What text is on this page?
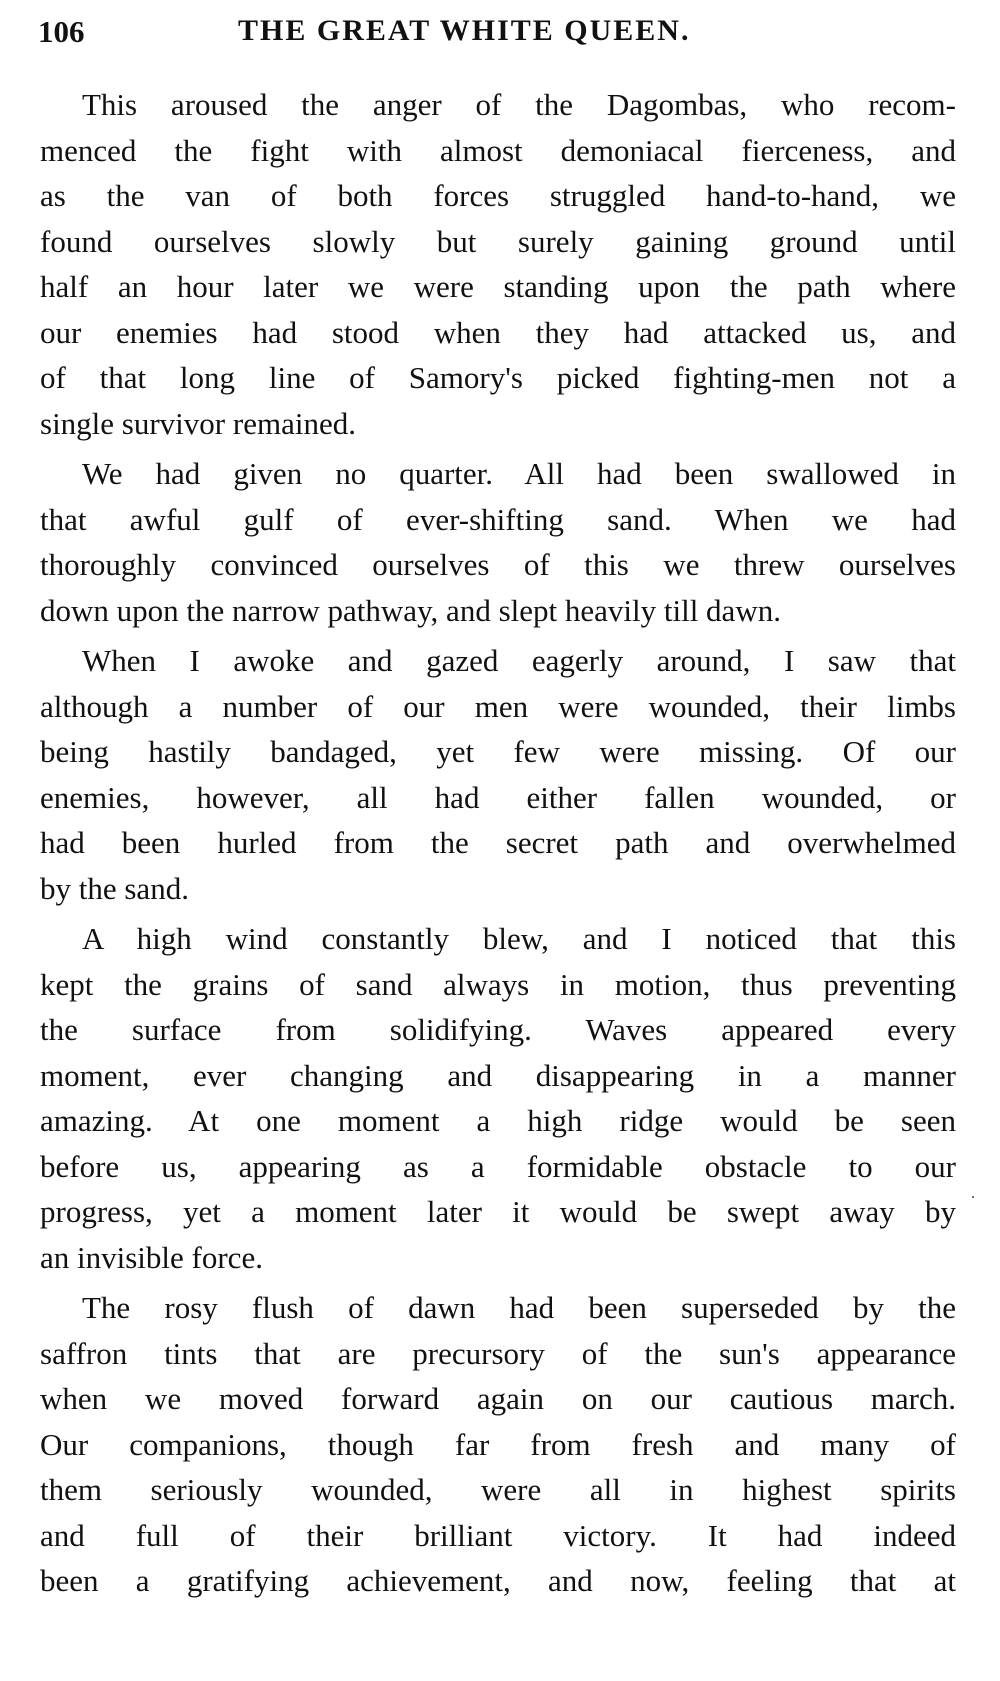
106	THE GREAT WHITE QUEEN.
This aroused the anger of the Dagombas, who recom-
menced the fight with almost demoniacal fierceness, and
as the van of both forces struggled hand-to-hand, we
found ourselves slowly but surely gaining ground until
half an hour later we were standing upon the path where
our enemies had stood when they had attacked us, and
of that long line of Samory's picked fighting-men not a
single survivor remained.
We had given no quarter. All had been swallowed in
that awful gulf of ever-shifting sand. When we had
thoroughly convinced ourselves of this we threw ourselves
down upon the narrow pathway, and slept heavily till dawn.
When I awoke and gazed eagerly around, I saw that
although a number of our men were wounded, their limbs
being hastily bandaged, yet few were missing. Of our
enemies, however, all had either fallen wounded, or
had been hurled from the secret path and overwhelmed
by the sand.
A high wind constantly blew, and I noticed that this
kept the grains of sand always in motion, thus preventing
the surface from solidifying. Waves appeared every
moment, ever changing and disappearing in a manner
amazing. At one moment a high ridge would be seen
before us, appearing as a formidable obstacle to our
progress, yet a moment later it would be swept away by
an invisible force.
The rosy flush of dawn had been superseded by the
saffron tints that are precursory of the sun's appearance
when we moved forward again on our cautious march.
Our companions, though far from fresh and many of
them seriously wounded, were all in highest spirits
and full of their brilliant victory. It had indeed
been a gratifying achievement, and now, feeling that at
